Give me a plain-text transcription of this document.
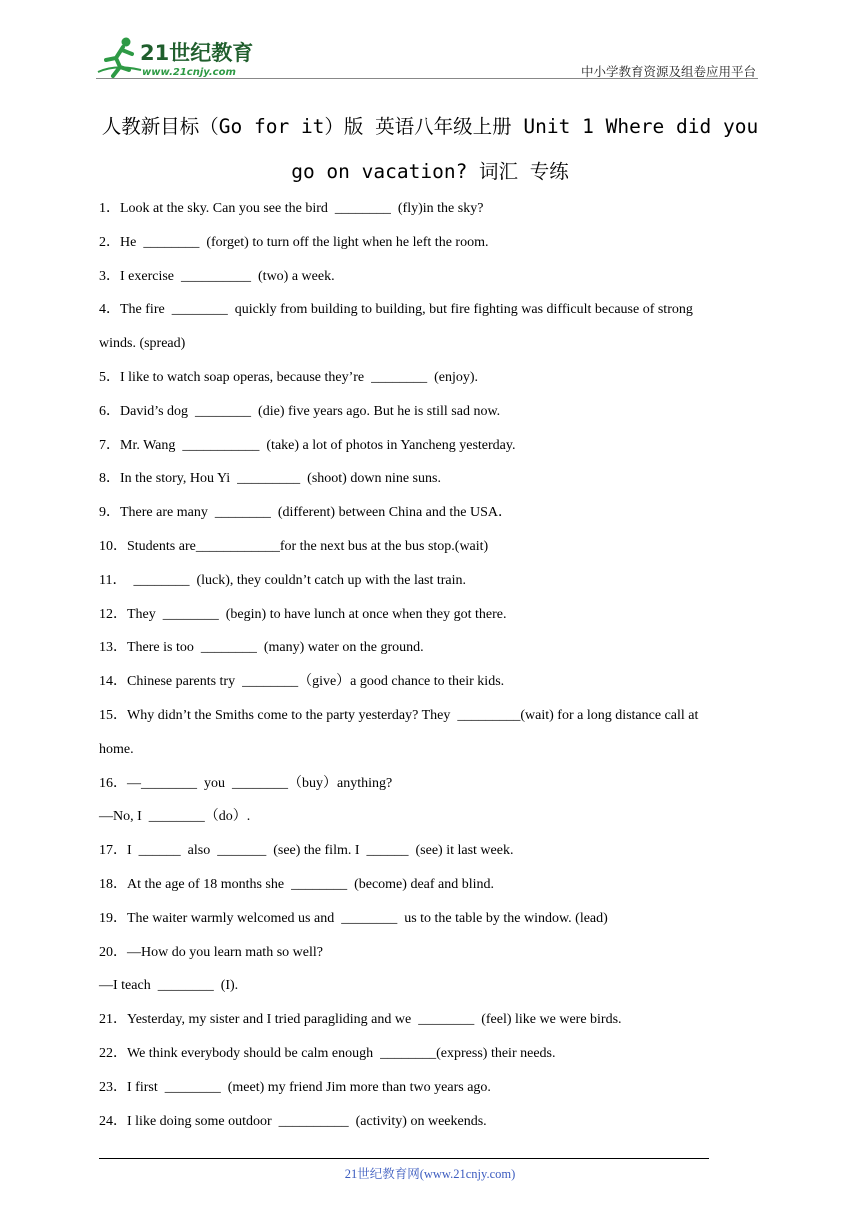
21世纪教育
www.21cnjy.com	中小学教育资源及组卷应用平台
人教新目标（Go for it）版 英语八年级上册 Unit 1 Where did you
go on vacation? 词汇 专练
1．Look at the sky. Can you see the bird  ________  (fly)in the sky?
2．He  ________  (forget) to turn off the light when he left the room.
3．I exercise  __________  (two) a week.
4．The fire  ________  quickly from building to building, but fire fighting was difficult because of strong
winds. (spread)
5．I like to watch soap operas, because they’re  ________  (enjoy).
6．David’s dog  ________  (die) five years ago. But he is still sad now.
7．Mr. Wang  ___________  (take) a lot of photos in Yancheng yesterday.
8．In the story, Hou Yi  _________  (shoot) down nine suns.
9．There are many  ________  (different) between China and the USA．
10．Students are____________for the next bus at the bus stop.(wait)
11．  ________  (luck), they couldn’t catch up with the last train.
12．They  ________  (begin) to have lunch at once when they got there.
13．There is too  ________  (many) water on the ground.
14．Chinese parents try  ________（give）a good chance to their kids.
15．Why didn’t the Smiths come to the party yesterday? They  _________(wait) for a long distance call at
home.
16．—________  you  ________（buy）anything?
—No, I  ________（do）.
17．I  ______  also  _______  (see) the film. I  ______  (see) it last week.
18．At the age of 18 months she  ________  (become) deaf and blind.
19．The waiter warmly welcomed us and  ________  us to the table by the window. (lead)
20．—How do you learn math so well?
—I teach  ________  (I).
21．Yesterday, my sister and I tried paragliding and we  ________  (feel) like we were birds.
22．We think everybody should be calm enough  ________(express) their needs.
23．I first  ________  (meet) my friend Jim more than two years ago.
24．I like doing some outdoor  __________  (activity) on weekends.
21世纪教育网(www.21cnjy.com)
